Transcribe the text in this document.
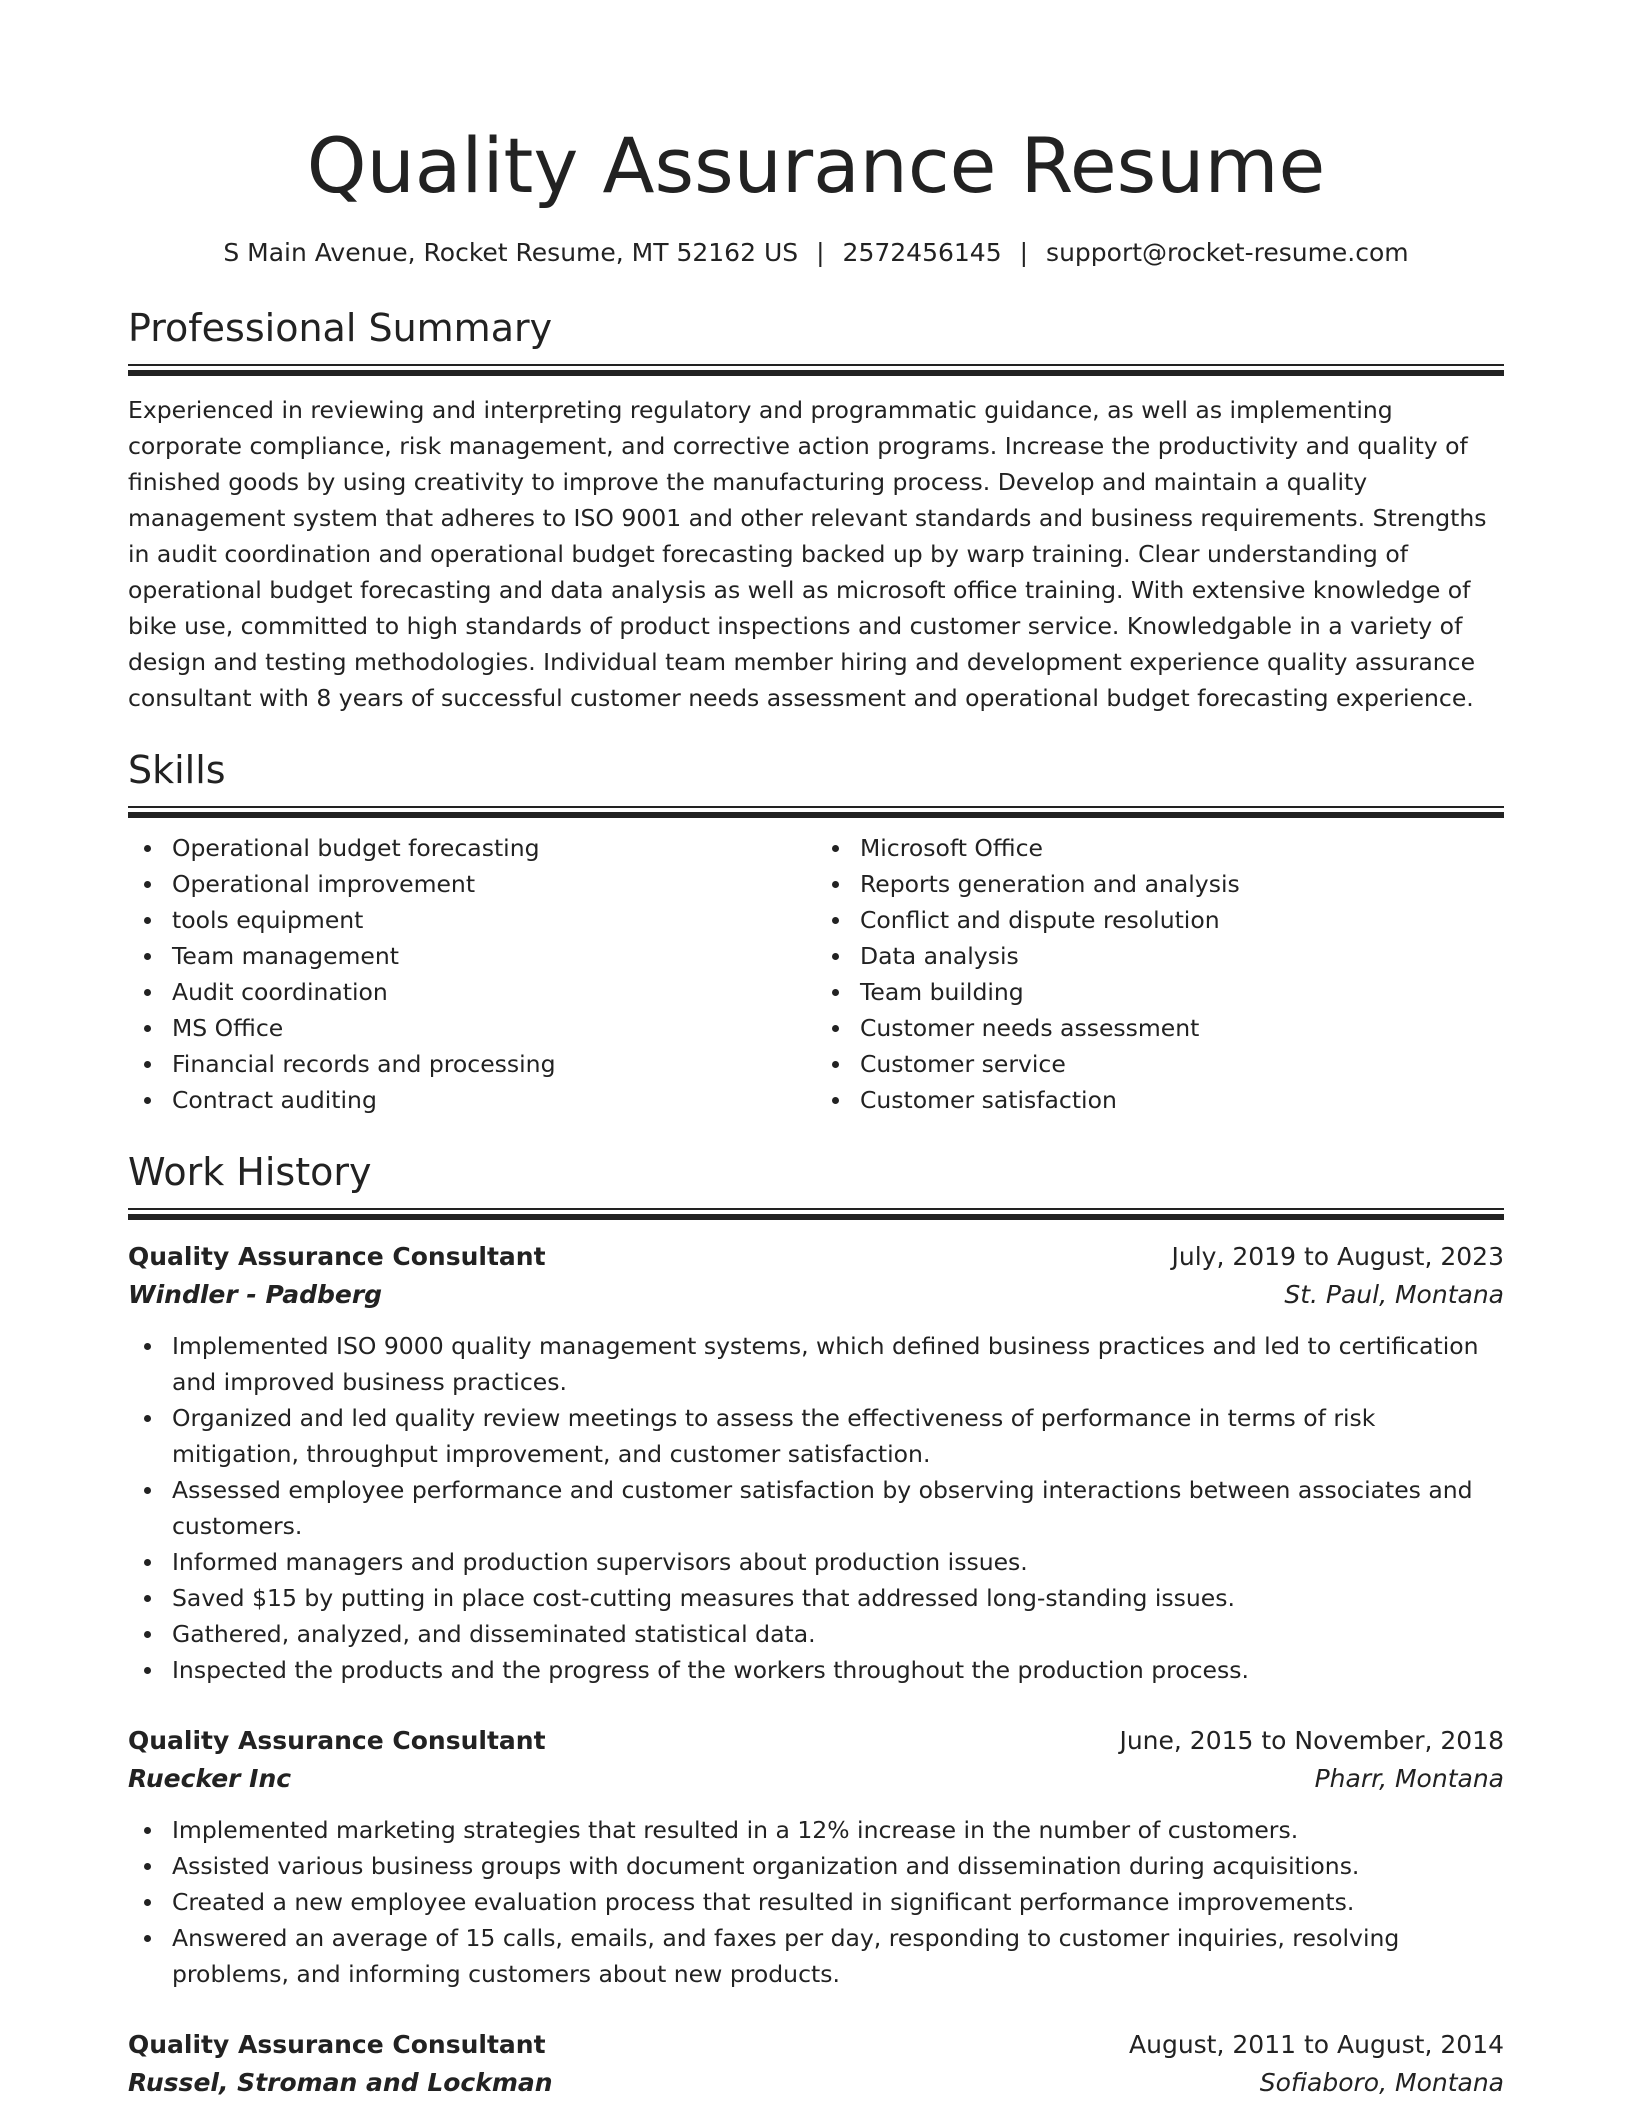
Quality Assurance Resume
S Main Avenue, Rocket Resume, MT 52162 US | 2572456145 | support@rocket-resume.com
Professional Summary

Experienced in reviewing and interpreting regulatory and programmatic guidance, as well as implementing corporate compliance, risk management, and corrective action programs. Increase the productivity and quality of finished goods by using creativity to improve the manufacturing process. Develop and maintain a quality management system that adheres to ISO 9001 and other relevant standards and business requirements. Strengths in audit coordination and operational budget forecasting backed up by warp training. Clear understanding of operational budget forecasting and data analysis as well as microsoft office training. With extensive knowledge of bike use, committed to high standards of product inspections and customer service. Knowledgable in a variety of design and testing methodologies. Individual team member hiring and development experience quality assurance consultant with 8 years of successful customer needs assessment and operational budget forecasting experience.

Skills
Operational budget forecasting
Operational improvement
tools equipment
Team management
Audit coordination
MS Office
Financial records and processing
Contract auditing
Microsoft Office
Reports generation and analysis
Conflict and dispute resolution
Data analysis
Team building
Customer needs assessment
Customer service
Customer satisfaction
Work History
Quality Assurance Consultant	July, 2019 to August, 2023
Windler - Padberg	St. Paul, Montana
Implemented ISO 9000 quality management systems, which defined business practices and led to certification and improved business practices.
Organized and led quality review meetings to assess the effectiveness of performance in terms of risk mitigation, throughput improvement, and customer satisfaction.
Assessed employee performance and customer satisfaction by observing interactions between associates and customers.
Informed managers and production supervisors about production issues.
Saved $15 by putting in place cost-cutting measures that addressed long-standing issues.
Gathered, analyzed, and disseminated statistical data.
Inspected the products and the progress of the workers throughout the production process.
Quality Assurance Consultant	June, 2015 to November, 2018
Ruecker Inc	Pharr, Montana
Implemented marketing strategies that resulted in a 12% increase in the number of customers.
Assisted various business groups with document organization and dissemination during acquisitions.
Created a new employee evaluation process that resulted in significant performance improvements.
Answered an average of 15 calls, emails, and faxes per day, responding to customer inquiries, resolving problems, and informing customers about new products.
Quality Assurance Consultant	August, 2011 to August, 2014
Russel, Stroman and Lockman	Sofiaboro, Montana
